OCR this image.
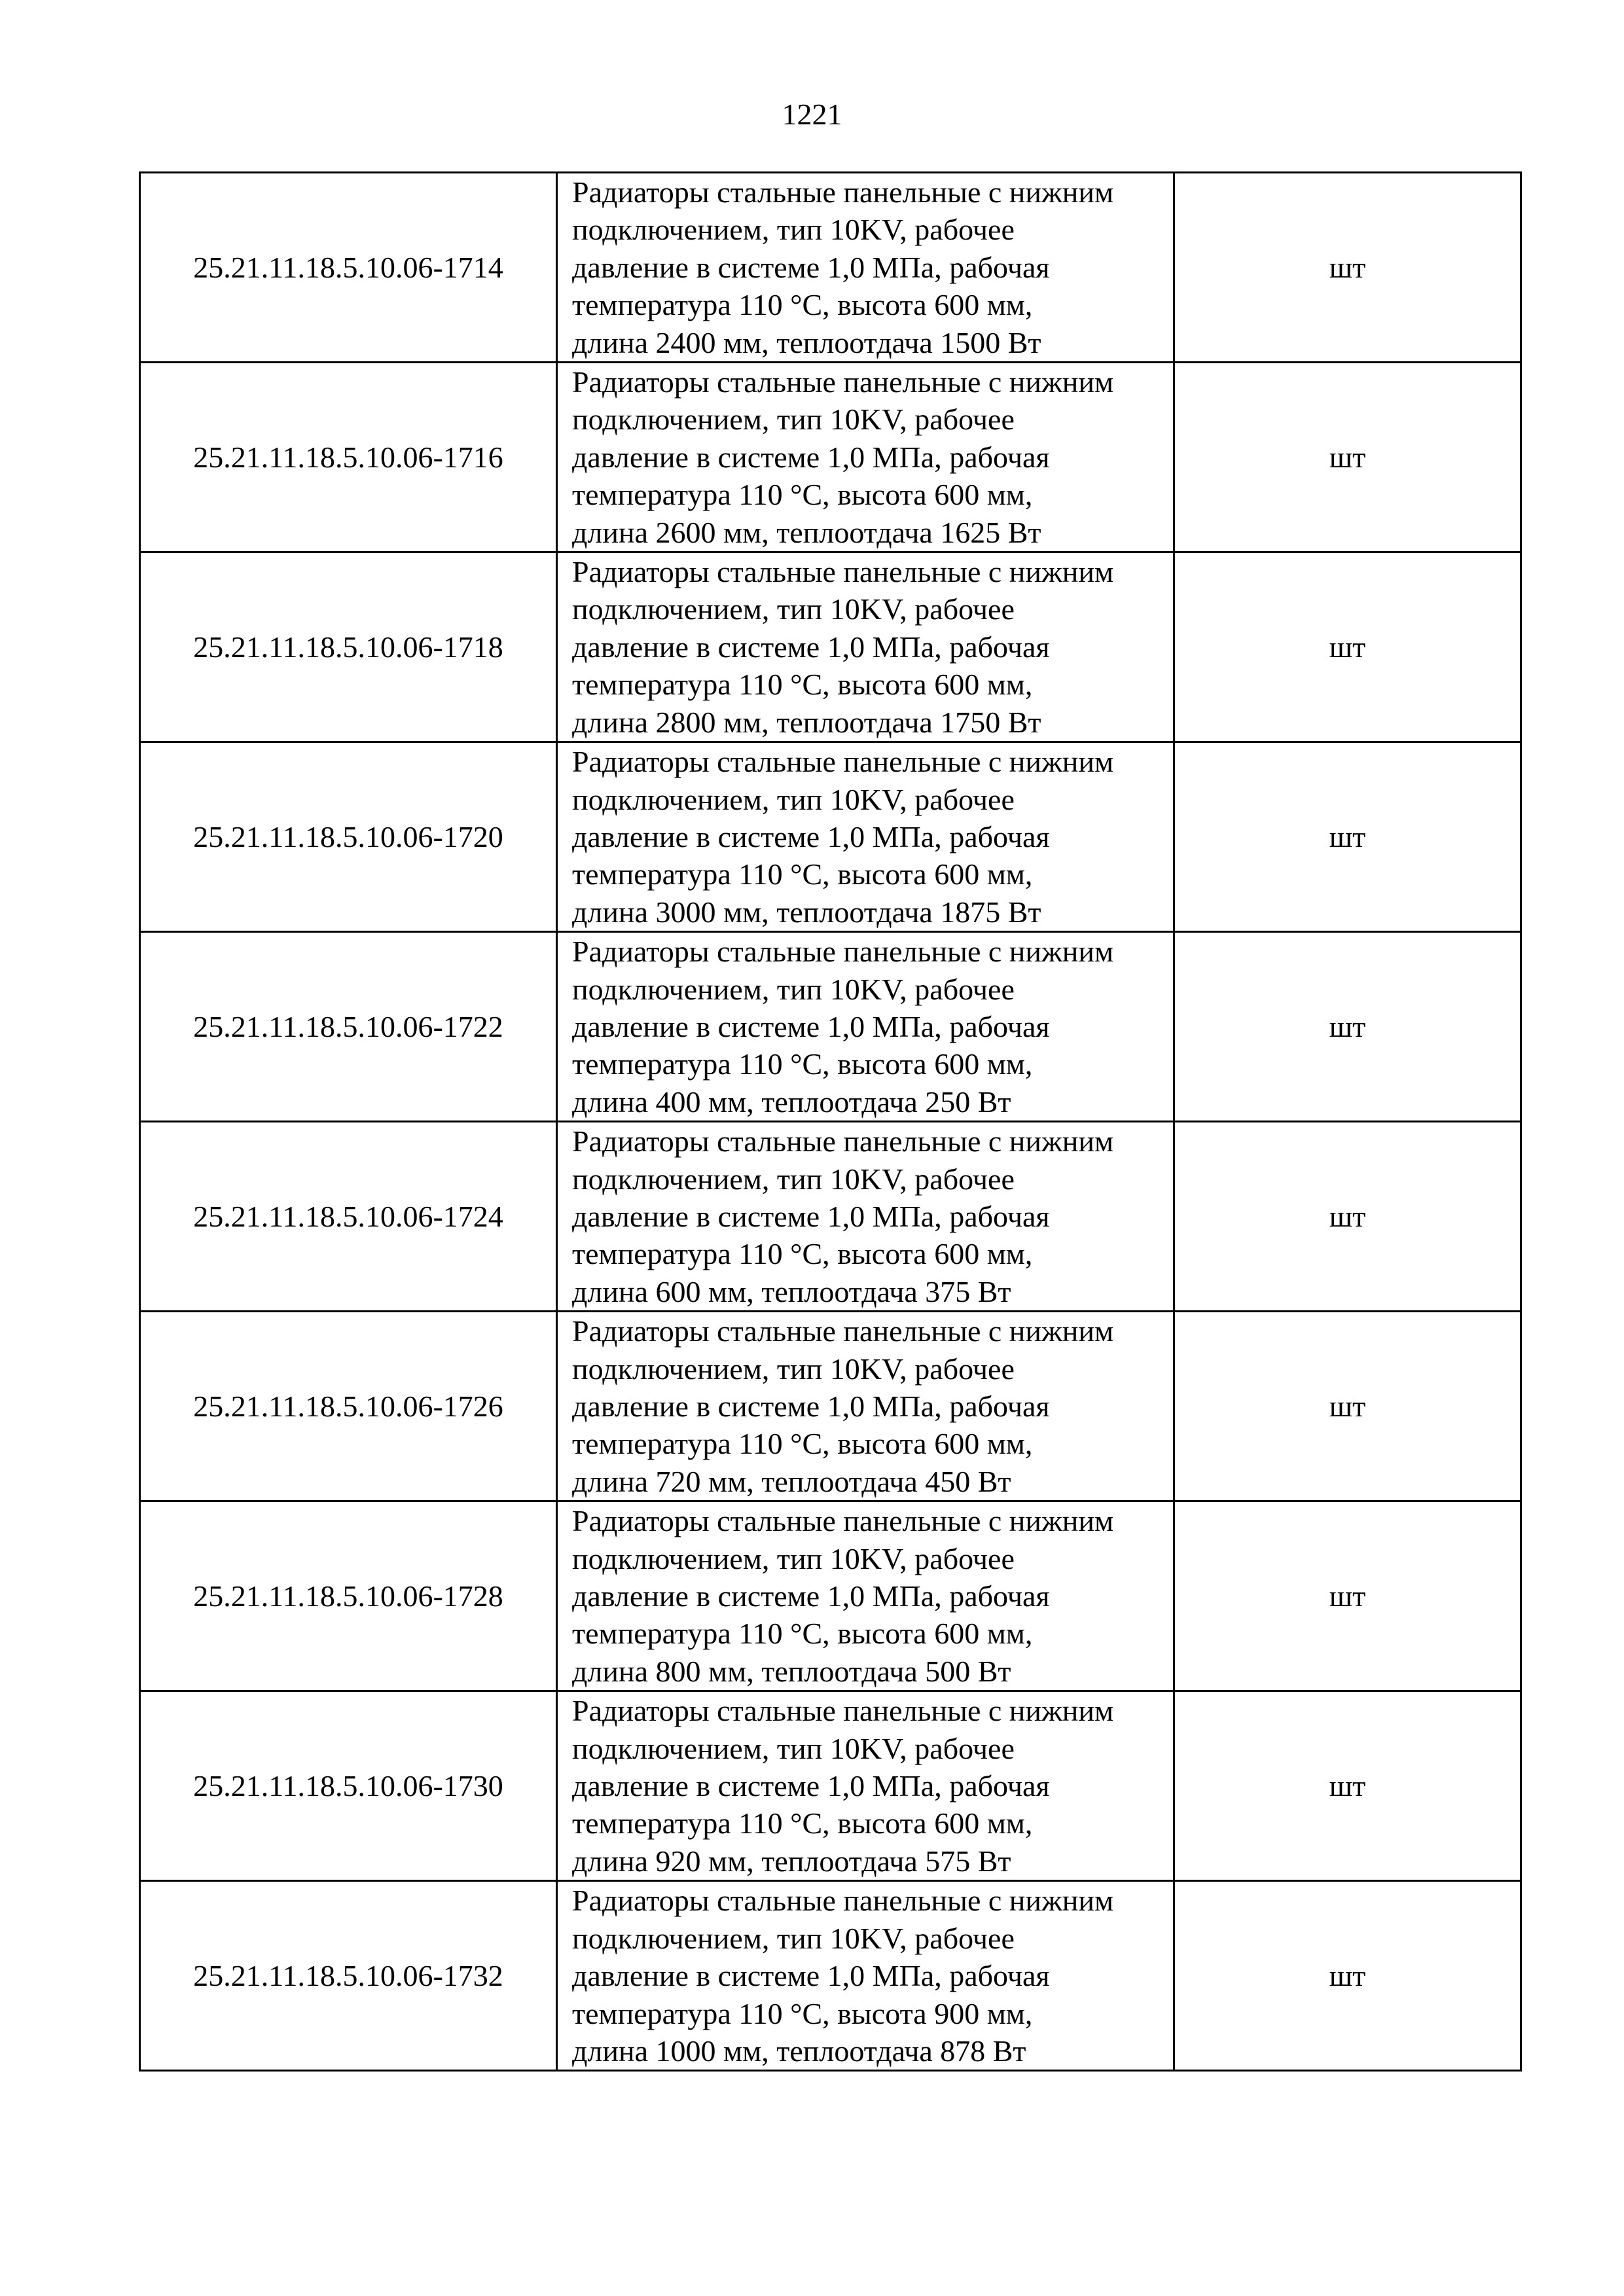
1221
25.21.11.18.5.10.06-1714	Радиаторы стальные панельные с нижним
подключением, тип 10KV, рабочее
давление в системе 1,0 МПа, рабочая
температура 110 °С, высота 600 мм,
длина 2400 мм, теплоотдача 1500 Вт	шт
25.21.11.18.5.10.06-1716	Радиаторы стальные панельные с нижним
подключением, тип 10KV, рабочее
давление в системе 1,0 МПа, рабочая
температура 110 °С, высота 600 мм,
длина 2600 мм, теплоотдача 1625 Вт	шт
25.21.11.18.5.10.06-1718	Радиаторы стальные панельные с нижним
подключением, тип 10KV, рабочее
давление в системе 1,0 МПа, рабочая
температура 110 °С, высота 600 мм,
длина 2800 мм, теплоотдача 1750 Вт	шт
25.21.11.18.5.10.06-1720	Радиаторы стальные панельные с нижним
подключением, тип 10KV, рабочее
давление в системе 1,0 МПа, рабочая
температура 110 °С, высота 600 мм,
длина 3000 мм, теплоотдача 1875 Вт	шт
25.21.11.18.5.10.06-1722	Радиаторы стальные панельные с нижним
подключением, тип 10KV, рабочее
давление в системе 1,0 МПа, рабочая
температура 110 °С, высота 600 мм,
длина 400 мм, теплоотдача 250 Вт	шт
25.21.11.18.5.10.06-1724	Радиаторы стальные панельные с нижним
подключением, тип 10KV, рабочее
давление в системе 1,0 МПа, рабочая
температура 110 °С, высота 600 мм,
длина 600 мм, теплоотдача 375 Вт	шт
25.21.11.18.5.10.06-1726	Радиаторы стальные панельные с нижним
подключением, тип 10KV, рабочее
давление в системе 1,0 МПа, рабочая
температура 110 °С, высота 600 мм,
длина 720 мм, теплоотдача 450 Вт	шт
25.21.11.18.5.10.06-1728	Радиаторы стальные панельные с нижним
подключением, тип 10KV, рабочее
давление в системе 1,0 МПа, рабочая
температура 110 °С, высота 600 мм,
длина 800 мм, теплоотдача 500 Вт	шт
25.21.11.18.5.10.06-1730	Радиаторы стальные панельные с нижним
подключением, тип 10KV, рабочее
давление в системе 1,0 МПа, рабочая
температура 110 °С, высота 600 мм,
длина 920 мм, теплоотдача 575 Вт	шт
25.21.11.18.5.10.06-1732	Радиаторы стальные панельные с нижним
подключением, тип 10KV, рабочее
давление в системе 1,0 МПа, рабочая
температура 110 °С, высота 900 мм,
длина 1000 мм, теплоотдача 878 Вт	шт
